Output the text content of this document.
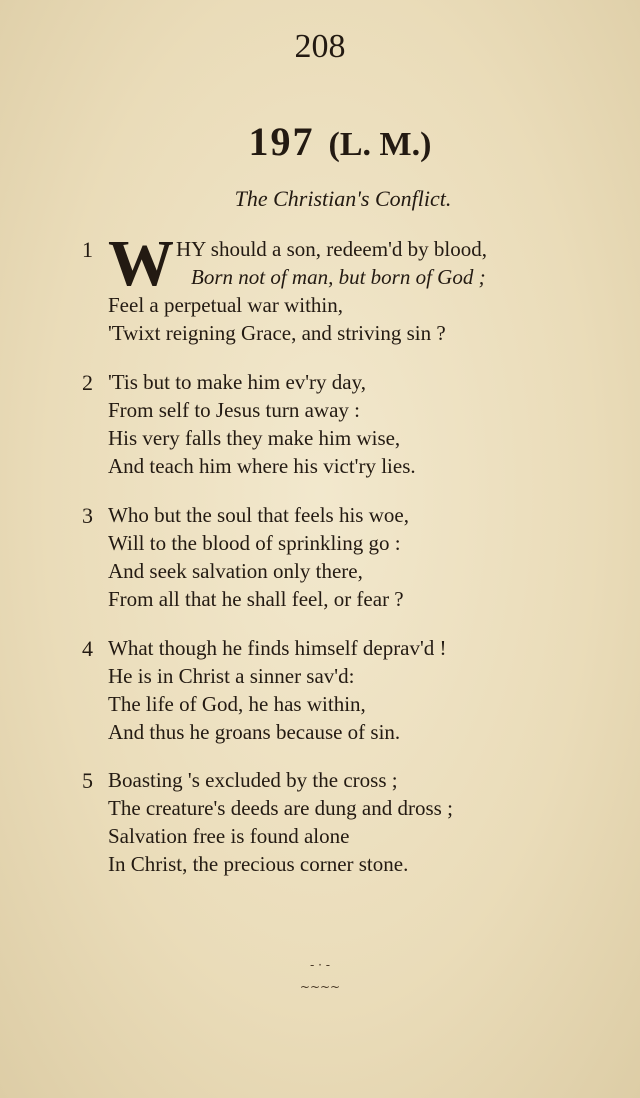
208
197 (L. M.)
The Christian's Conflict.
1 W HY should a son, redeem'd by blood,
Born not of man, but born of God ;
Feel a perpetual war within,
'Twixt reigning Grace, and striving sin ?
2 'Tis but to make him ev'ry day,
From self to Jesus turn away :
His very falls they make him wise,
And teach him where his vict'ry lies.
3 Who but the soul that feels his woe,
Will to the blood of sprinkling go :
And seek salvation only there,
From all that he shall feel, or fear ?
4 What though he finds himself deprav'd !
He is in Christ a sinner sav'd:
The life of God, he has within,
And thus he groans because of sin.
5 Boasting 's excluded by the cross ;
The creature's deeds are dung and dross ;
Salvation free is found alone
In Christ, the precious corner stone.
- · -
~~~~
